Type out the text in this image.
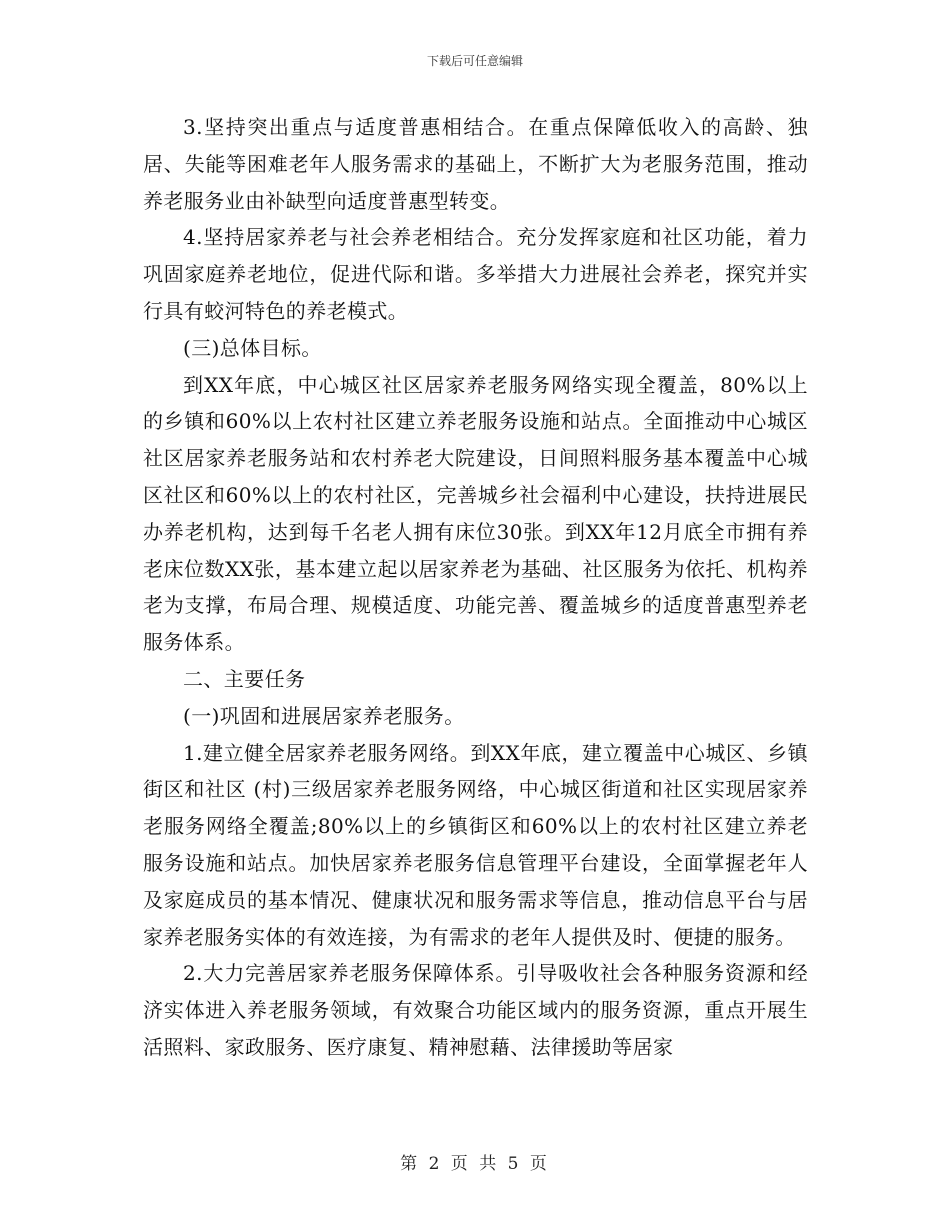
下载后可任意编辑

3.坚持突出重点与适度普惠相结合。在重点保障低收入的高龄、独居、失能等困难老年人服务需求的基础上，不断扩大为老服务范围，推动养老服务业由补缺型向适度普惠型转变。

4.坚持居家养老与社会养老相结合。充分发挥家庭和社区功能，着力巩固家庭养老地位，促进代际和谐。多举措大力进展社会养老，探究并实行具有蛟河特色的养老模式。

(三)总体目标。

到XX年底，中心城区社区居家养老服务网络实现全覆盖，80%以上的乡镇和60%以上农村社区建立养老服务设施和站点。全面推动中心城区社区居家养老服务站和农村养老大院建设，日间照料服务基本覆盖中心城区社区和60%以上的农村社区，完善城乡社会福利中心建设，扶持进展民办养老机构，达到每千名老人拥有床位30张。到XX年12月底全市拥有养老床位数XX张，基本建立起以居家养老为基础、社区服务为依托、机构养老为支撑，布局合理、规模适度、功能完善、覆盖城乡的适度普惠型养老服务体系。

二、主要任务

(一)巩固和进展居家养老服务。

1.建立健全居家养老服务网络。到XX年底，建立覆盖中心城区、乡镇街区和社区 (村)三级居家养老服务网络，中心城区街道和社区实现居家养老服务网络全覆盖;80%以上的乡镇街区和60%以上的农村社区建立养老服务设施和站点。加快居家养老服务信息管理平台建设，全面掌握老年人及家庭成员的基本情况、健康状况和服务需求等信息，推动信息平台与居家养老服务实体的有效连接，为有需求的老年人提供及时、便捷的服务。

2.大力完善居家养老服务保障体系。引导吸收社会各种服务资源和经济实体进入养老服务领域，有效聚合功能区域内的服务资源，重点开展生活照料、家政服务、医疗康复、精神慰藉、法律援助等居家

第 2 页 共 5 页
